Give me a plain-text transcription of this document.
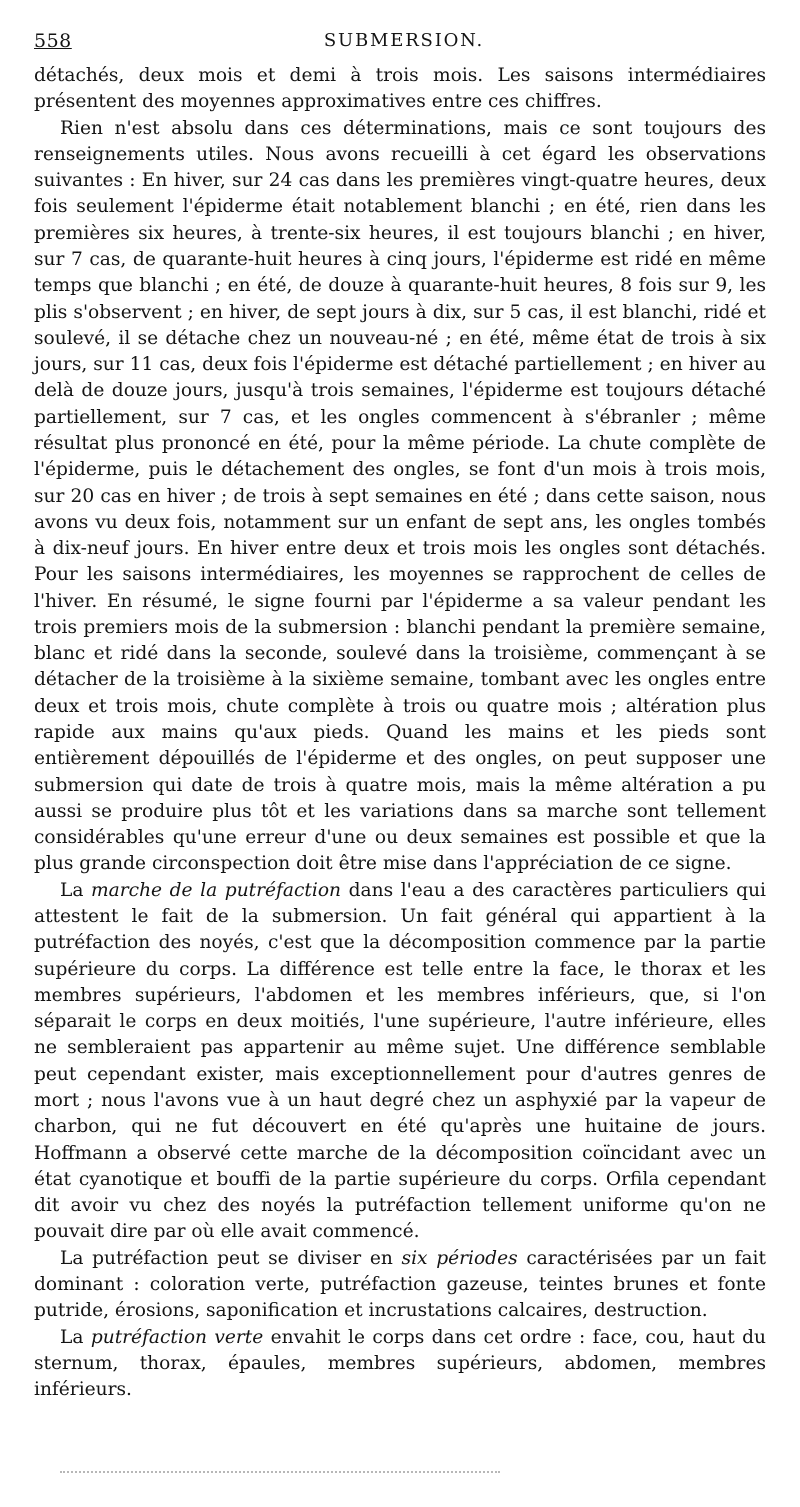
558	SUBMERSION.

détachés, deux mois et demi à trois mois. Les saisons intermédiaires présentent des moyennes approximatives entre ces chiffres.

Rien n'est absolu dans ces déterminations, mais ce sont toujours des renseignements utiles. Nous avons recueilli à cet égard les observations suivantes : En hiver, sur 24 cas dans les premières vingt-quatre heures, deux fois seulement l'épiderme était notablement blanchi ; en été, rien dans les premières six heures, à trente-six heures, il est toujours blanchi ; en hiver, sur 7 cas, de quarante-huit heures à cinq jours, l'épiderme est ridé en même temps que blanchi ; en été, de douze à quarante-huit heures, 8 fois sur 9, les plis s'observent ; en hiver, de sept jours à dix, sur 5 cas, il est blanchi, ridé et soulevé, il se détache chez un nouveau-né ; en été, même état de trois à six jours, sur 11 cas, deux fois l'épiderme est détaché partiellement ; en hiver au delà de douze jours, jusqu'à trois semaines, l'épiderme est toujours détaché partiellement, sur 7 cas, et les ongles commencent à s'ébranler ; même résultat plus prononcé en été, pour la même période. La chute complète de l'épiderme, puis le détachement des ongles, se font d'un mois à trois mois, sur 20 cas en hiver ; de trois à sept semaines en été ; dans cette saison, nous avons vu deux fois, notamment sur un enfant de sept ans, les ongles tombés à dix-neuf jours. En hiver entre deux et trois mois les ongles sont détachés. Pour les saisons intermédiaires, les moyennes se rapprochent de celles de l'hiver. En résumé, le signe fourni par l'épiderme a sa valeur pendant les trois premiers mois de la submersion : blanchi pendant la première semaine, blanc et ridé dans la seconde, soulevé dans la troisième, commençant à se détacher de la troisième à la sixième semaine, tombant avec les ongles entre deux et trois mois, chute complète à trois ou quatre mois ; altération plus rapide aux mains qu'aux pieds. Quand les mains et les pieds sont entièrement dépouillés de l'épiderme et des ongles, on peut supposer une submersion qui date de trois à quatre mois, mais la même altération a pu aussi se produire plus tôt et les variations dans sa marche sont tellement considérables qu'une erreur d'une ou deux semaines est possible et que la plus grande circonspection doit être mise dans l'appréciation de ce signe.

La marche de la putréfaction dans l'eau a des caractères particuliers qui attestent le fait de la submersion. Un fait général qui appartient à la putréfaction des noyés, c'est que la décomposition commence par la partie supérieure du corps. La différence est telle entre la face, le thorax et les membres supérieurs, l'abdomen et les membres inférieurs, que, si l'on séparait le corps en deux moitiés, l'une supérieure, l'autre inférieure, elles ne sembleraient pas appartenir au même sujet. Une différence semblable peut cependant exister, mais exceptionnellement pour d'autres genres de mort ; nous l'avons vue à un haut degré chez un asphyxié par la vapeur de charbon, qui ne fut découvert en été qu'après une huitaine de jours. Hoffmann a observé cette marche de la décomposition coïncidant avec un état cyanotique et bouffi de la partie supérieure du corps. Orfila cependant dit avoir vu chez des noyés la putréfaction tellement uniforme qu'on ne pouvait dire par où elle avait commencé.

La putréfaction peut se diviser en six périodes caractérisées par un fait dominant : coloration verte, putréfaction gazeuse, teintes brunes et fonte putride, érosions, saponification et incrustations calcaires, destruction.

La putréfaction verte envahit le corps dans cet ordre : face, cou, haut du sternum, thorax, épaules, membres supérieurs, abdomen, membres inférieurs.
